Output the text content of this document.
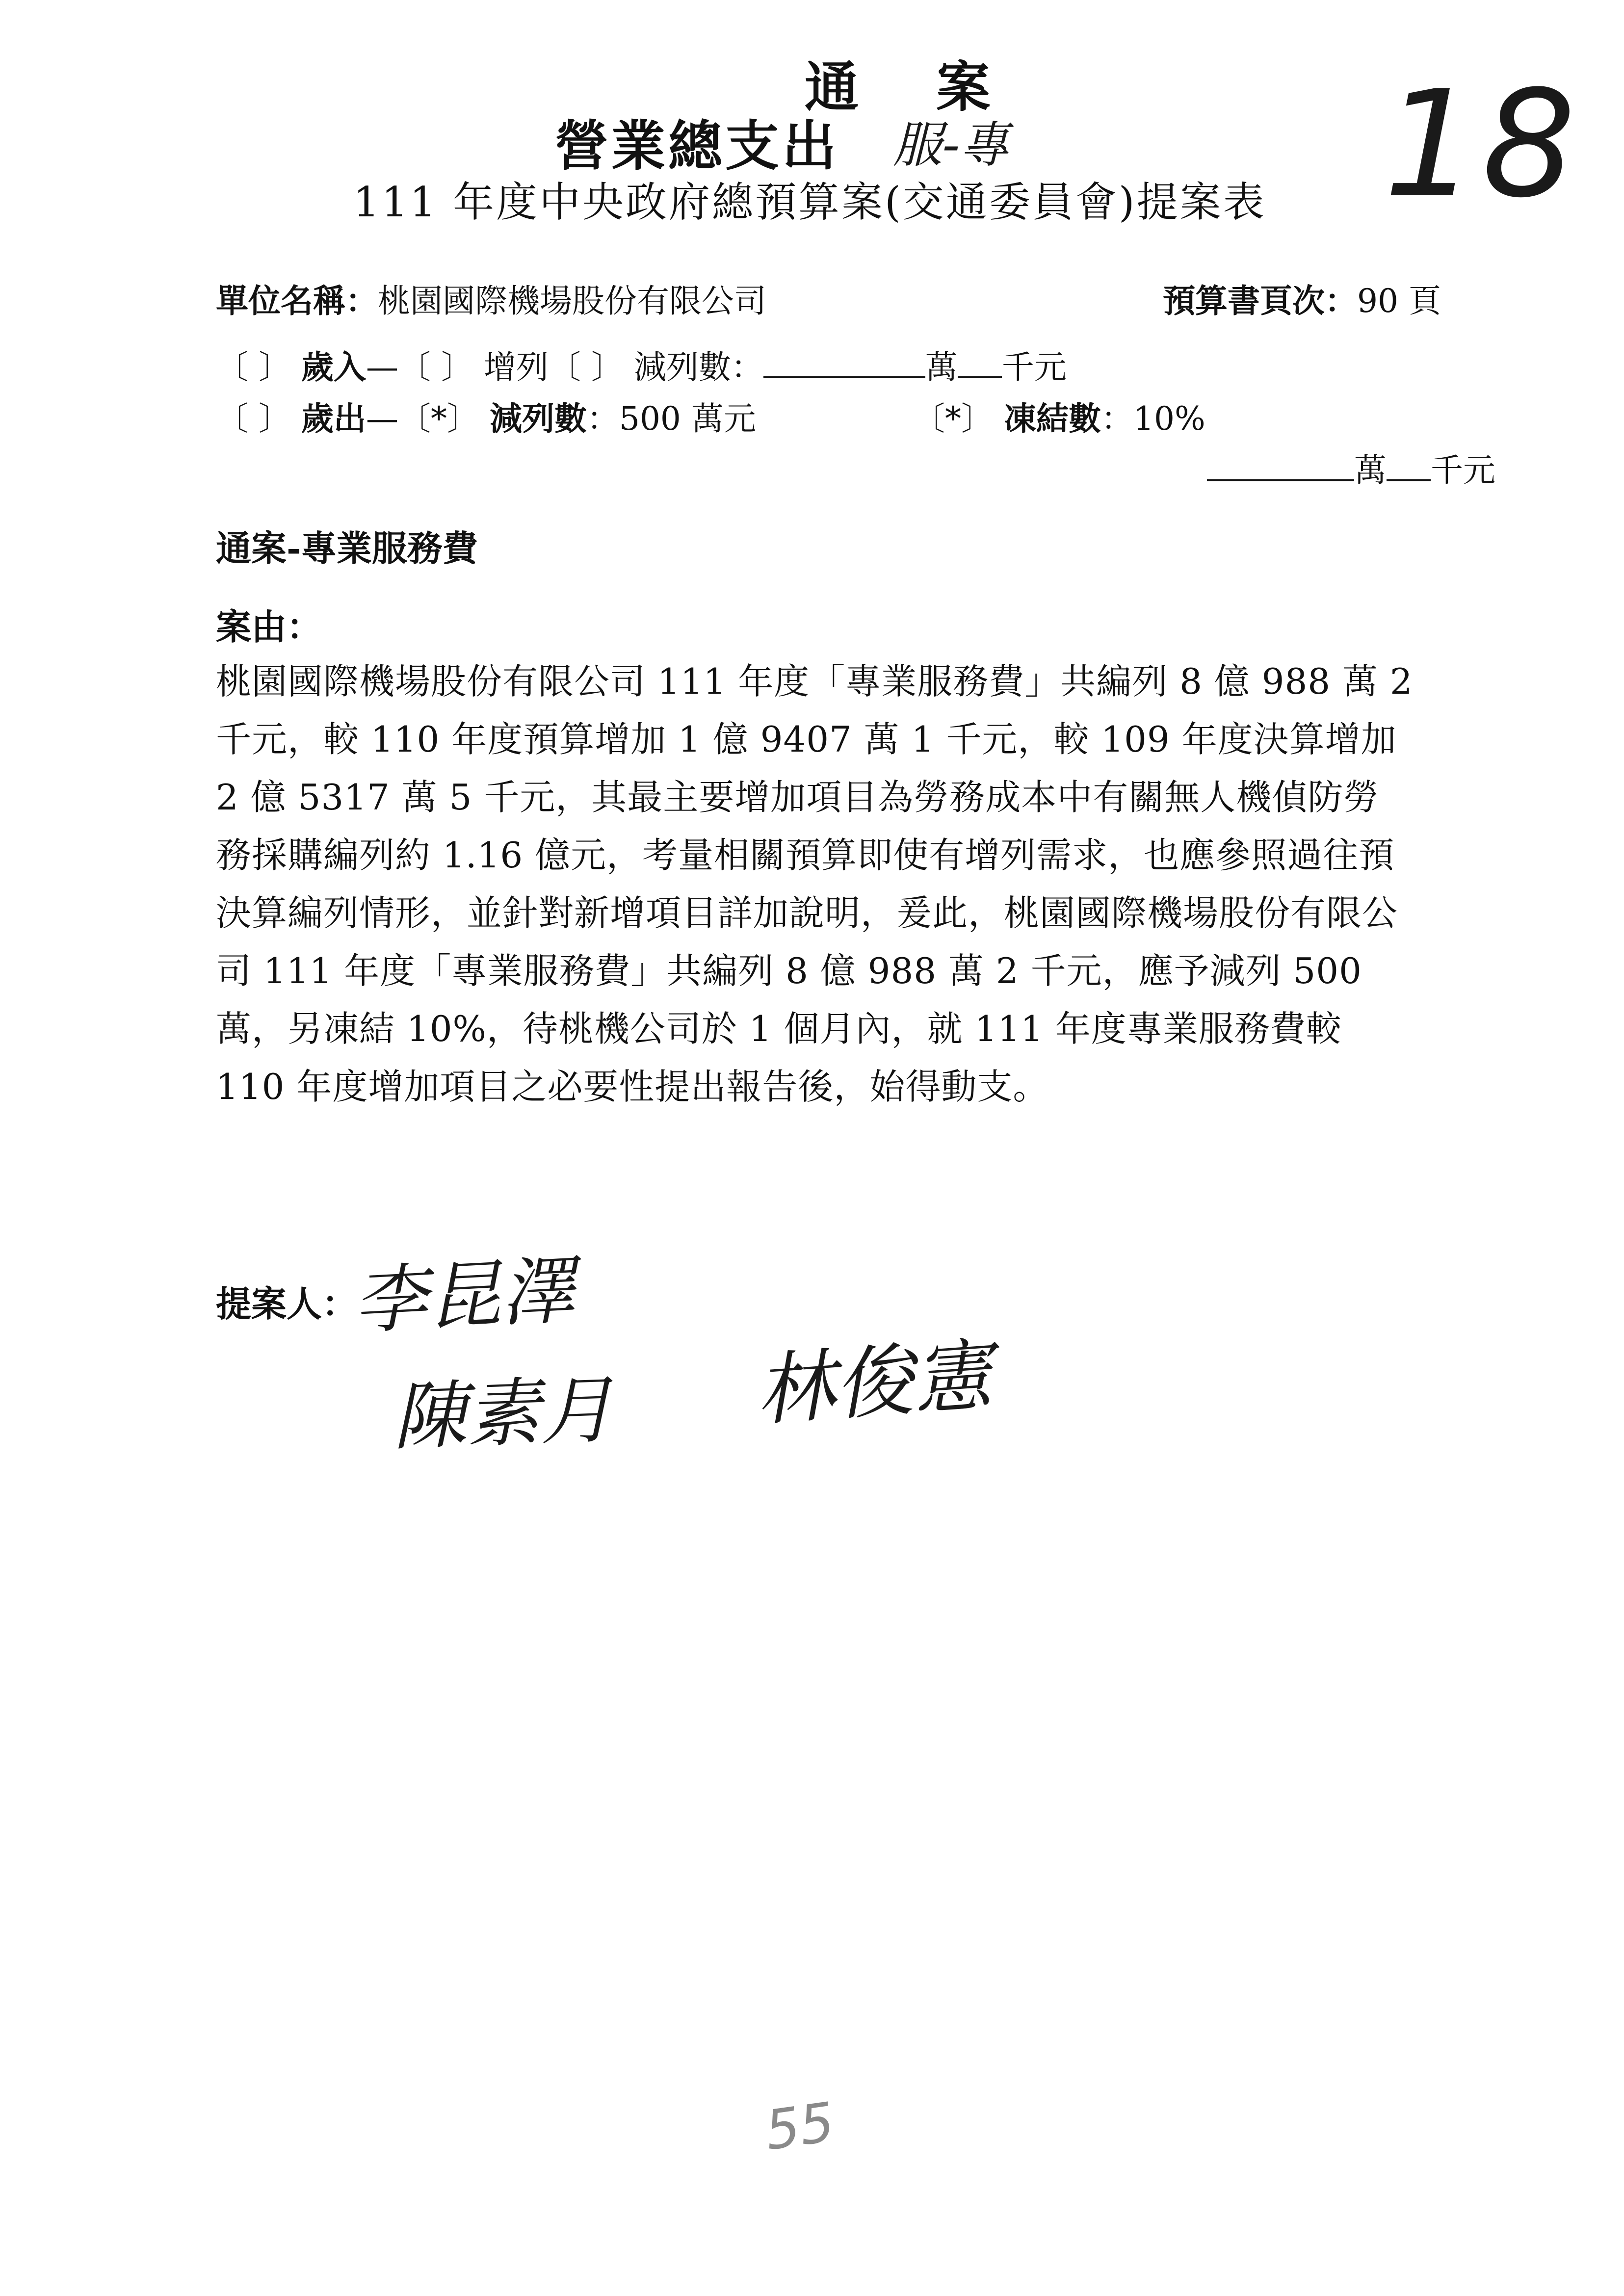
通 案
營業總支出 服-專	18
111 年度中央政府總預算案(交通委員會)提案表
單位名稱：桃園國際機場股份有限公司	預算書頁次：90 頁
〔 〕 歲入—〔 〕 增列〔 〕 減列數：	萬 千元
〔 〕 歲出—〔*〕 減列數：500 萬元	〔*〕 凍結數：10%
萬 千元
通案-專業服務費
案由：
桃園國際機場股份有限公司 111 年度「專業服務費」共編列 8 億 988 萬 2 千元，較 110 年度預算增加 1 億 9407 萬 1 千元，較 109 年度決算增加 2 億 5317 萬 5 千元，其最主要增加項目為勞務成本中有關無人機偵防勞務採購編列約 1.16 億元，考量相關預算即使有增列需求，也應參照過往預決算編列情形，並針對新增項目詳加說明，爰此，桃園國際機場股份有限公司 111 年度「專業服務費」共編列 8 億 988 萬 2 千元，應予減列 500 萬，另凍結 10%，待桃機公司於 1 個月內，就 111 年度專業服務費較 110 年度增加項目之必要性提出報告後，始得動支。
提案人：
李昆澤
陳素月 林俊憲
55
